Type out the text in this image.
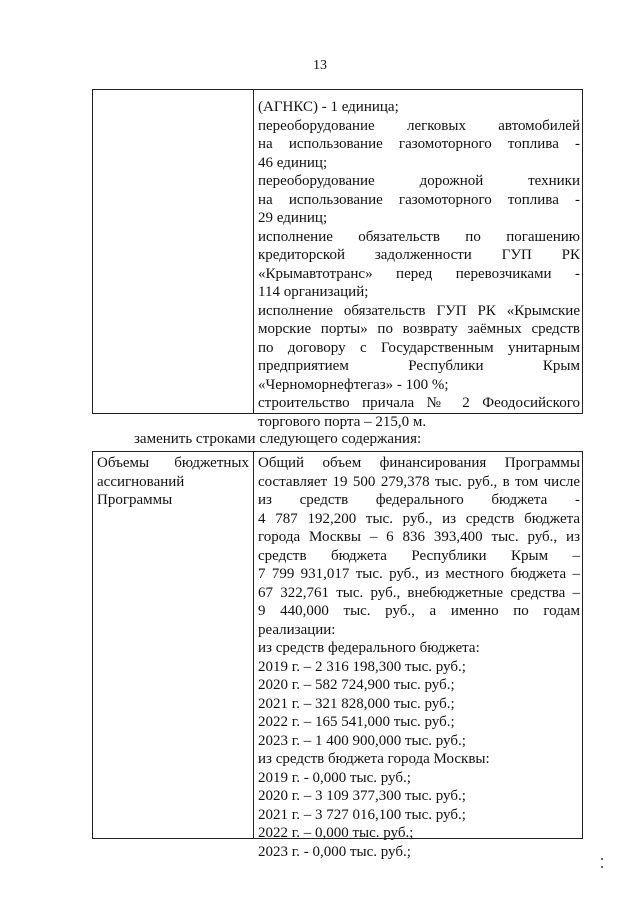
13
(АГНКС) - 1 единица;
переоборудование легковых автомобилей
на использование газомоторного топлива -
46 единиц;
переоборудование дорожной техники
на использование газомоторного топлива -
29 единиц;
исполнение обязательств по погашению
кредиторской задолженности ГУП РК
«Крымавтотранс» перед перевозчиками -
114 организаций;
исполнение обязательств ГУП РК «Крымские
морские порты» по возврату заёмных средств
по договору с Государственным унитарным
предприятием Республики Крым
«Черноморнефтегаз» - 100 %;
строительство причала № 2 Феодосийского
торгового порта – 215,0 м.
заменить строками следующего содержания:
Объемы бюджетных
ассигнований
Программы
Общий объем финансирования Программы
составляет 19 500 279,378 тыс. руб., в том числе
из средств федерального бюджета -
4 787 192,200 тыс. руб., из средств бюджета
города Москвы – 6 836 393,400 тыс. руб., из
средств бюджета Республики Крым –
7 799 931,017 тыс. руб., из местного бюджета –
67 322,761 тыс. руб., внебюджетные средства –
9 440,000 тыс. руб., а именно по годам
реализации:
из средств федерального бюджета:
2019 г. – 2 316 198,300 тыс. руб.;
2020 г. – 582 724,900 тыс. руб.;
2021 г. – 321 828,000 тыс. руб.;
2022 г. – 165 541,000 тыс. руб.;
2023 г. – 1 400 900,000 тыс. руб.;
из средств бюджета города Москвы:
2019 г. - 0,000 тыс. руб.;
2020 г. – 3 109 377,300 тыс. руб.;
2021 г. – 3 727 016,100 тыс. руб.;
2022 г. – 0,000 тыс. руб.;
2023 г. - 0,000 тыс. руб.;
